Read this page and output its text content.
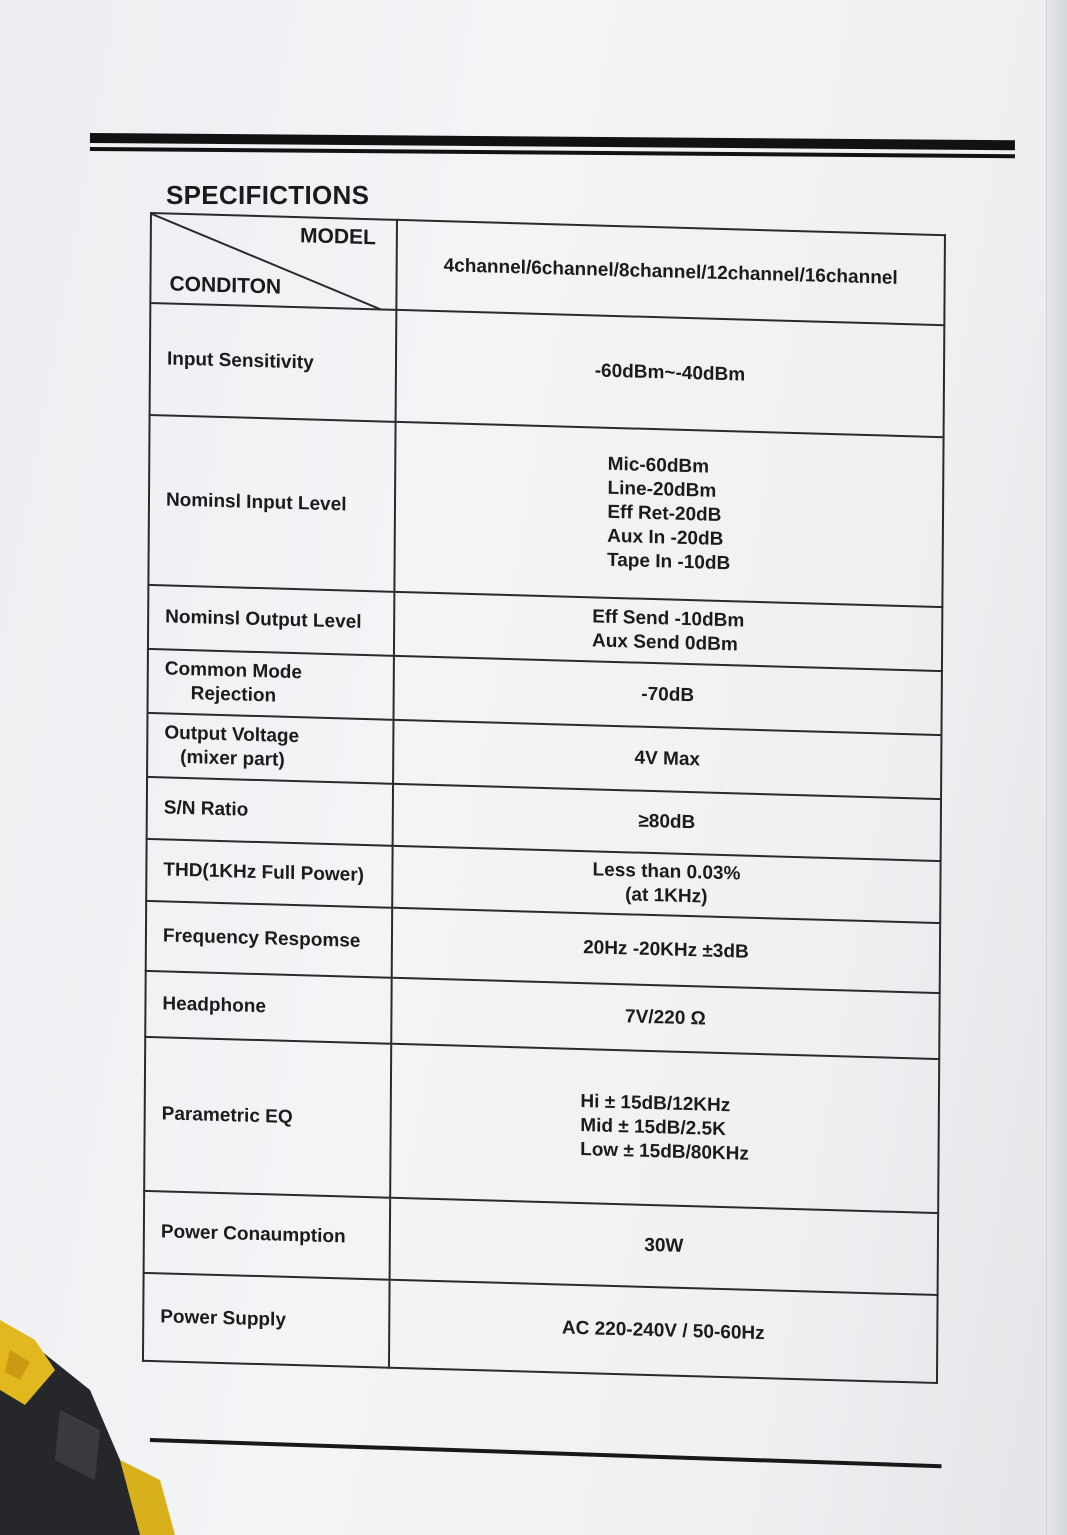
SPECIFICTIONS
MODEL
CONDITON	4channel/6channel/8channel/12channel/16channel

Input Sensitivity	-60dBm~-40dBm

Nominsl Input Level	Mic-60dBm
Line-20dBm
Eff Ret-20dB
Aux In -20dB
Tape In -10dB

Nominsl Output Level	Eff Send -10dBm
Aux Send 0dBm

Common Mode
Rejection	-70dB

Output Voltage
(mixer part)	4V Max

S/N Ratio	≥80dB

THD(1KHz Full Power)	Less than 0.03%
(at 1KHz)

Frequency Respomse	20Hz -20KHz ±3dB

Headphone	7V/220 Ω

Parametric EQ	Hi ± 15dB/12KHz
Mid ± 15dB/2.5K
Low ± 15dB/80KHz

Power Conaumption	30W

Power Supply	AC 220-240V / 50-60Hz
